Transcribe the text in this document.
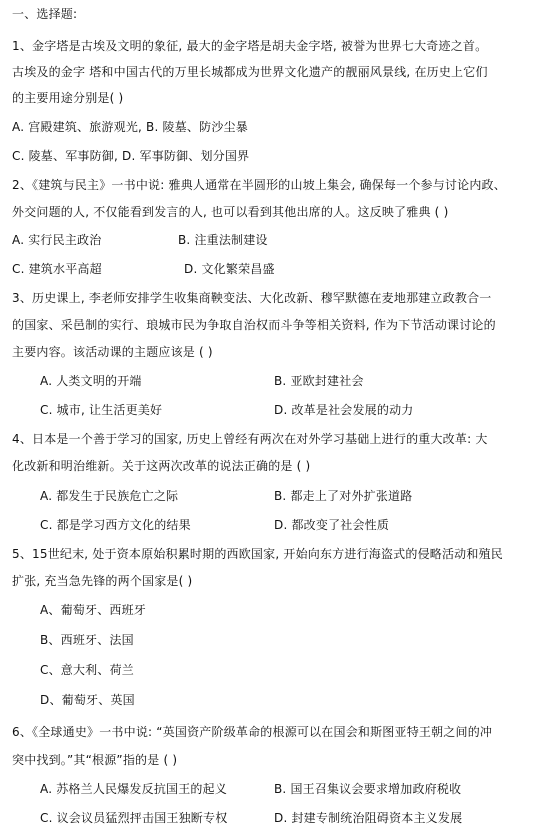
一、选择题:
1、金字塔是古埃及文明的象征, 最大的金字塔是胡夫金字塔, 被誉为世界七大奇迹之首。
古埃及的金字 塔和中国古代的万里长城都成为世界文化遗产的靓丽风景线, 在历史上它们
的主要用途分别是( )
A. 宫殿建筑、旅游观光, B. 陵墓、防沙尘暴
C. 陵墓、军事防御, D. 军事防御、划分国界
2、《建筑与民主》一书中说: 雅典人通常在半圆形的山坡上集会, 确保每一个参与讨论内政、
外交问题的人, 不仅能看到发言的人, 也可以看到其他出席的人。这反映了雅典 ( )
A. 实行民主政治	B. 注重法制建设
C. 建筑水平高超	D. 文化繁荣昌盛
3、历史课上, 李老师安排学生收集商鞅变法、大化改新、穆罕默德在麦地那建立政教合一
的国家、采邑制的实行、琅城市民为争取自治权而斗争等相关资料, 作为下节活动课讨论的
主要内容。该活动课的主题应该是 ( )
A. 人类文明的开端	B. 亚欧封建社会
C. 城市, 让生活更美好	D. 改革是社会发展的动力
4、日本是一个善于学习的国家, 历史上曾经有两次在对外学习基础上进行的重大改革: 大
化改新和明治维新。关于这两次改革的说法正确的是 ( )
A. 都发生于民族危亡之际	B. 都走上了对外扩张道路
C. 都是学习西方文化的结果	D. 都改变了社会性质
5、15世纪末, 处于资本原始积累时期的西欧国家, 开始向东方进行海盗式的侵略活动和殖民
扩张, 充当急先锋的两个国家是( )
A、葡萄牙、西班牙
B、西班牙、法国
C、意大利、荷兰
D、葡萄牙、英国
6、《全球通史》一书中说: “英国资产阶级革命的根源可以在国会和斯图亚特王朝之间的冲
突中找到。”其“根源”指的是 ( )
A. 苏格兰人民爆发反抗国王的起义	B. 国王召集议会要求增加政府税收
C. 议会议员猛烈抨击国王独断专权	D. 封建专制统治阻碍资本主义发展
